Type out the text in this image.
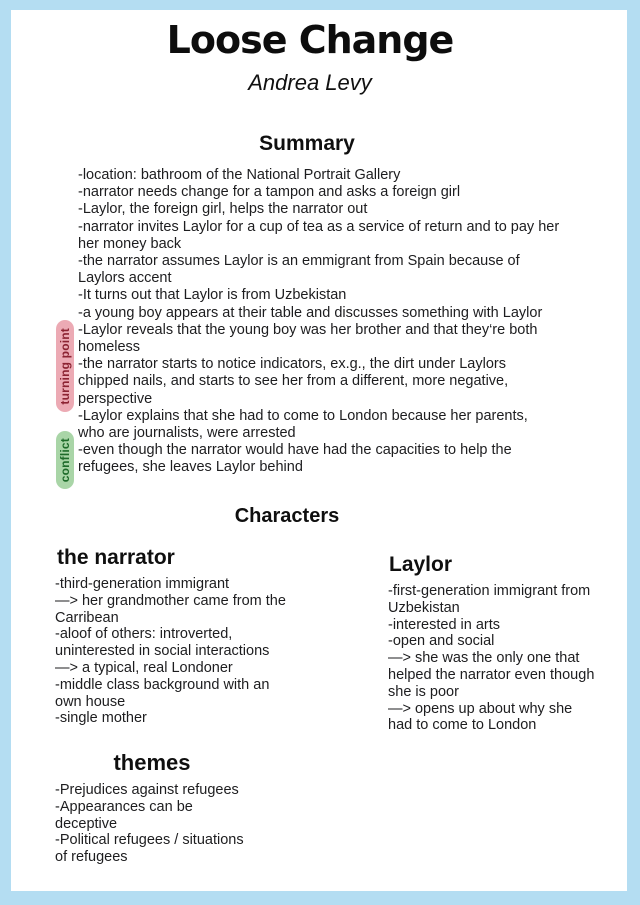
Loose Change
Andrea Levy
Summary
-location: bathroom of the National Portrait Gallery
-narrator needs change for a tampon and asks a foreign girl
-Laylor, the foreign girl, helps the narrator out
-narrator invites Laylor for a cup of tea as a service of return and to pay her
her money back
-the narrator assumes Laylor is an emmigrant from Spain because of
Laylors accent
-It turns out that Laylor is from Uzbekistan
-a young boy appears at their table and discusses something with Laylor
-Laylor reveals that the young boy was her brother and that they‘re both
homeless
-the narrator starts to notice indicators, ex.g., the dirt under Laylors
chipped nails, and starts to see her from a different, more negative,
perspective
-Laylor explains that she had to come to London because her parents,
who are journalists, were arrested
-even though the narrator would have had the capacities to help the
refugees, she leaves Laylor behind
turning point
conflict
Characters
the narrator
-third-generation immigrant
—> her grandmother came from the
Carribean
-aloof of others: introverted,
uninterested in social interactions
—> a typical, real Londoner
-middle class background with an
own house
-single mother
Laylor
-first-generation immigrant from
Uzbekistan
-interested in arts
-open and social
—> she was the only one that
helped the narrator even though
she is poor
—> opens up about why she
had to come to London
themes
-Prejudices against refugees
-Appearances can be
deceptive
-Political refugees / situations
of refugees
